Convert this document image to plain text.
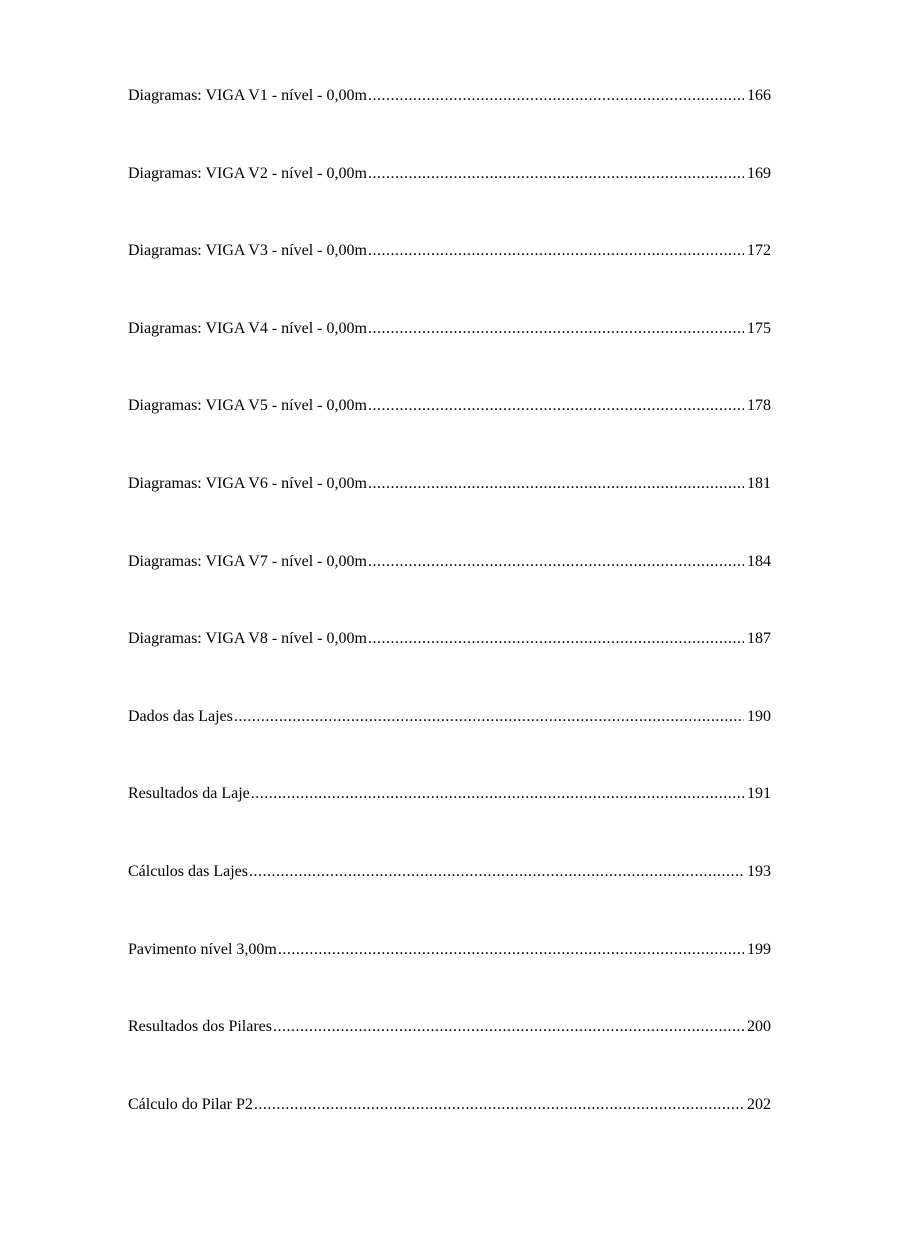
Diagramas: VIGA V1 - nível - 0,00m .....	166
Diagramas: VIGA V2 - nível - 0,00m .....	169
Diagramas: VIGA V3 - nível - 0,00m .....	172
Diagramas: VIGA V4 - nível - 0,00m .....	175
Diagramas: VIGA V5 - nível - 0,00m .....	178
Diagramas: VIGA V6 - nível - 0,00m .....	181
Diagramas: VIGA V7 - nível - 0,00m .....	184
Diagramas: VIGA V8 - nível - 0,00m .....	187
Dados das Lajes .....	190
Resultados da Laje .....	191
Cálculos das Lajes .....	193
Pavimento nível 3,00m .....	199
Resultados dos Pilares .....	200
Cálculo do Pilar P2 .....	202
